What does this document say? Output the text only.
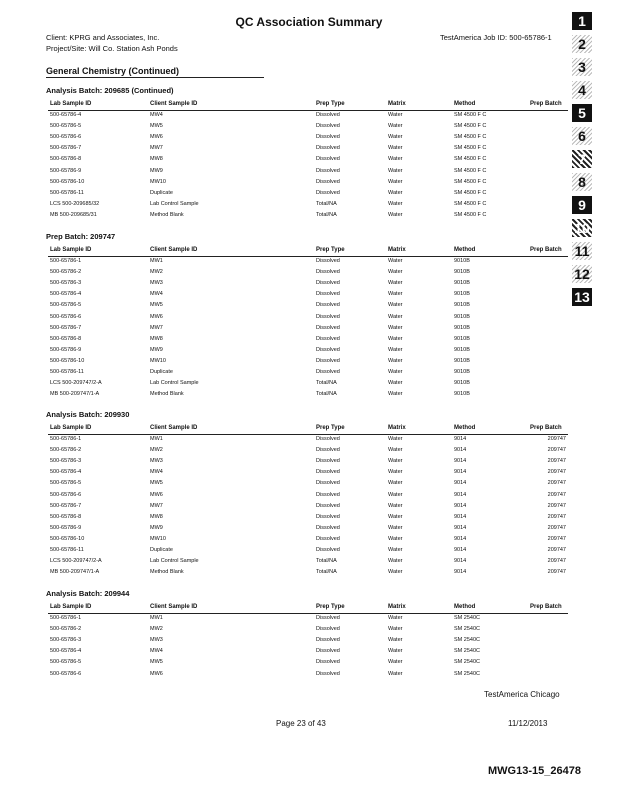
QC Association Summary
Client: KPRG and Associates, Inc.
Project/Site: Will Co. Station Ash Ponds
TestAmerica Job ID: 500-65786-1
General Chemistry (Continued)
Analysis Batch: 209685 (Continued)
Lab Sample ID	Client Sample ID	Prep Type	Matrix	Method	Prep Batch
500-65786-4	MW4	Dissolved	Water	SM 4500 F C
500-65786-5	MW5	Dissolved	Water	SM 4500 F C
500-65786-6	MW6	Dissolved	Water	SM 4500 F C
500-65786-7	MW7	Dissolved	Water	SM 4500 F C
500-65786-8	MW8	Dissolved	Water	SM 4500 F C
500-65786-9	MW9	Dissolved	Water	SM 4500 F C
500-65786-10	MW10	Dissolved	Water	SM 4500 F C
500-65786-11	Duplicate	Dissolved	Water	SM 4500 F C
LCS 500-209685/32	Lab Control Sample	Total/NA	Water	SM 4500 F C
MB 500-209685/31	Method Blank	Total/NA	Water	SM 4500 F C
Prep Batch: 209747
Lab Sample ID	Client Sample ID	Prep Type	Matrix	Method	Prep Batch
500-65786-1	MW1	Dissolved	Water	9010B
500-65786-2	MW2	Dissolved	Water	9010B
500-65786-3	MW3	Dissolved	Water	9010B
500-65786-4	MW4	Dissolved	Water	9010B
500-65786-5	MW5	Dissolved	Water	9010B
500-65786-6	MW6	Dissolved	Water	9010B
500-65786-7	MW7	Dissolved	Water	9010B
500-65786-8	MW8	Dissolved	Water	9010B
500-65786-9	MW9	Dissolved	Water	9010B
500-65786-10	MW10	Dissolved	Water	9010B
500-65786-11	Duplicate	Dissolved	Water	9010B
LCS 500-209747/2-A	Lab Control Sample	Total/NA	Water	9010B
MB 500-209747/1-A	Method Blank	Total/NA	Water	9010B
Analysis Batch: 209930
Lab Sample ID	Client Sample ID	Prep Type	Matrix	Method	Prep Batch
500-65786-1	MW1	Dissolved	Water	9014	209747
500-65786-2	MW2	Dissolved	Water	9014	209747
500-65786-3	MW3	Dissolved	Water	9014	209747
500-65786-4	MW4	Dissolved	Water	9014	209747
500-65786-5	MW5	Dissolved	Water	9014	209747
500-65786-6	MW6	Dissolved	Water	9014	209747
500-65786-7	MW7	Dissolved	Water	9014	209747
500-65786-8	MW8	Dissolved	Water	9014	209747
500-65786-9	MW9	Dissolved	Water	9014	209747
500-65786-10	MW10	Dissolved	Water	9014	209747
500-65786-11	Duplicate	Dissolved	Water	9014	209747
LCS 500-209747/2-A	Lab Control Sample	Total/NA	Water	9014	209747
MB 500-209747/1-A	Method Blank	Total/NA	Water	9014	209747
Analysis Batch: 209944
Lab Sample ID	Client Sample ID	Prep Type	Matrix	Method	Prep Batch
500-65786-1	MW1	Dissolved	Water	SM 2540C
500-65786-2	MW2	Dissolved	Water	SM 2540C
500-65786-3	MW3	Dissolved	Water	SM 2540C
500-65786-4	MW4	Dissolved	Water	SM 2540C
500-65786-5	MW5	Dissolved	Water	SM 2540C
500-65786-6	MW6	Dissolved	Water	SM 2540C
1
2
3
4
5
6
7
8
9
10
11
12
13
TestAmerica Chicago
Page 23 of 43	11/12/2013
MWG13-15_26478
